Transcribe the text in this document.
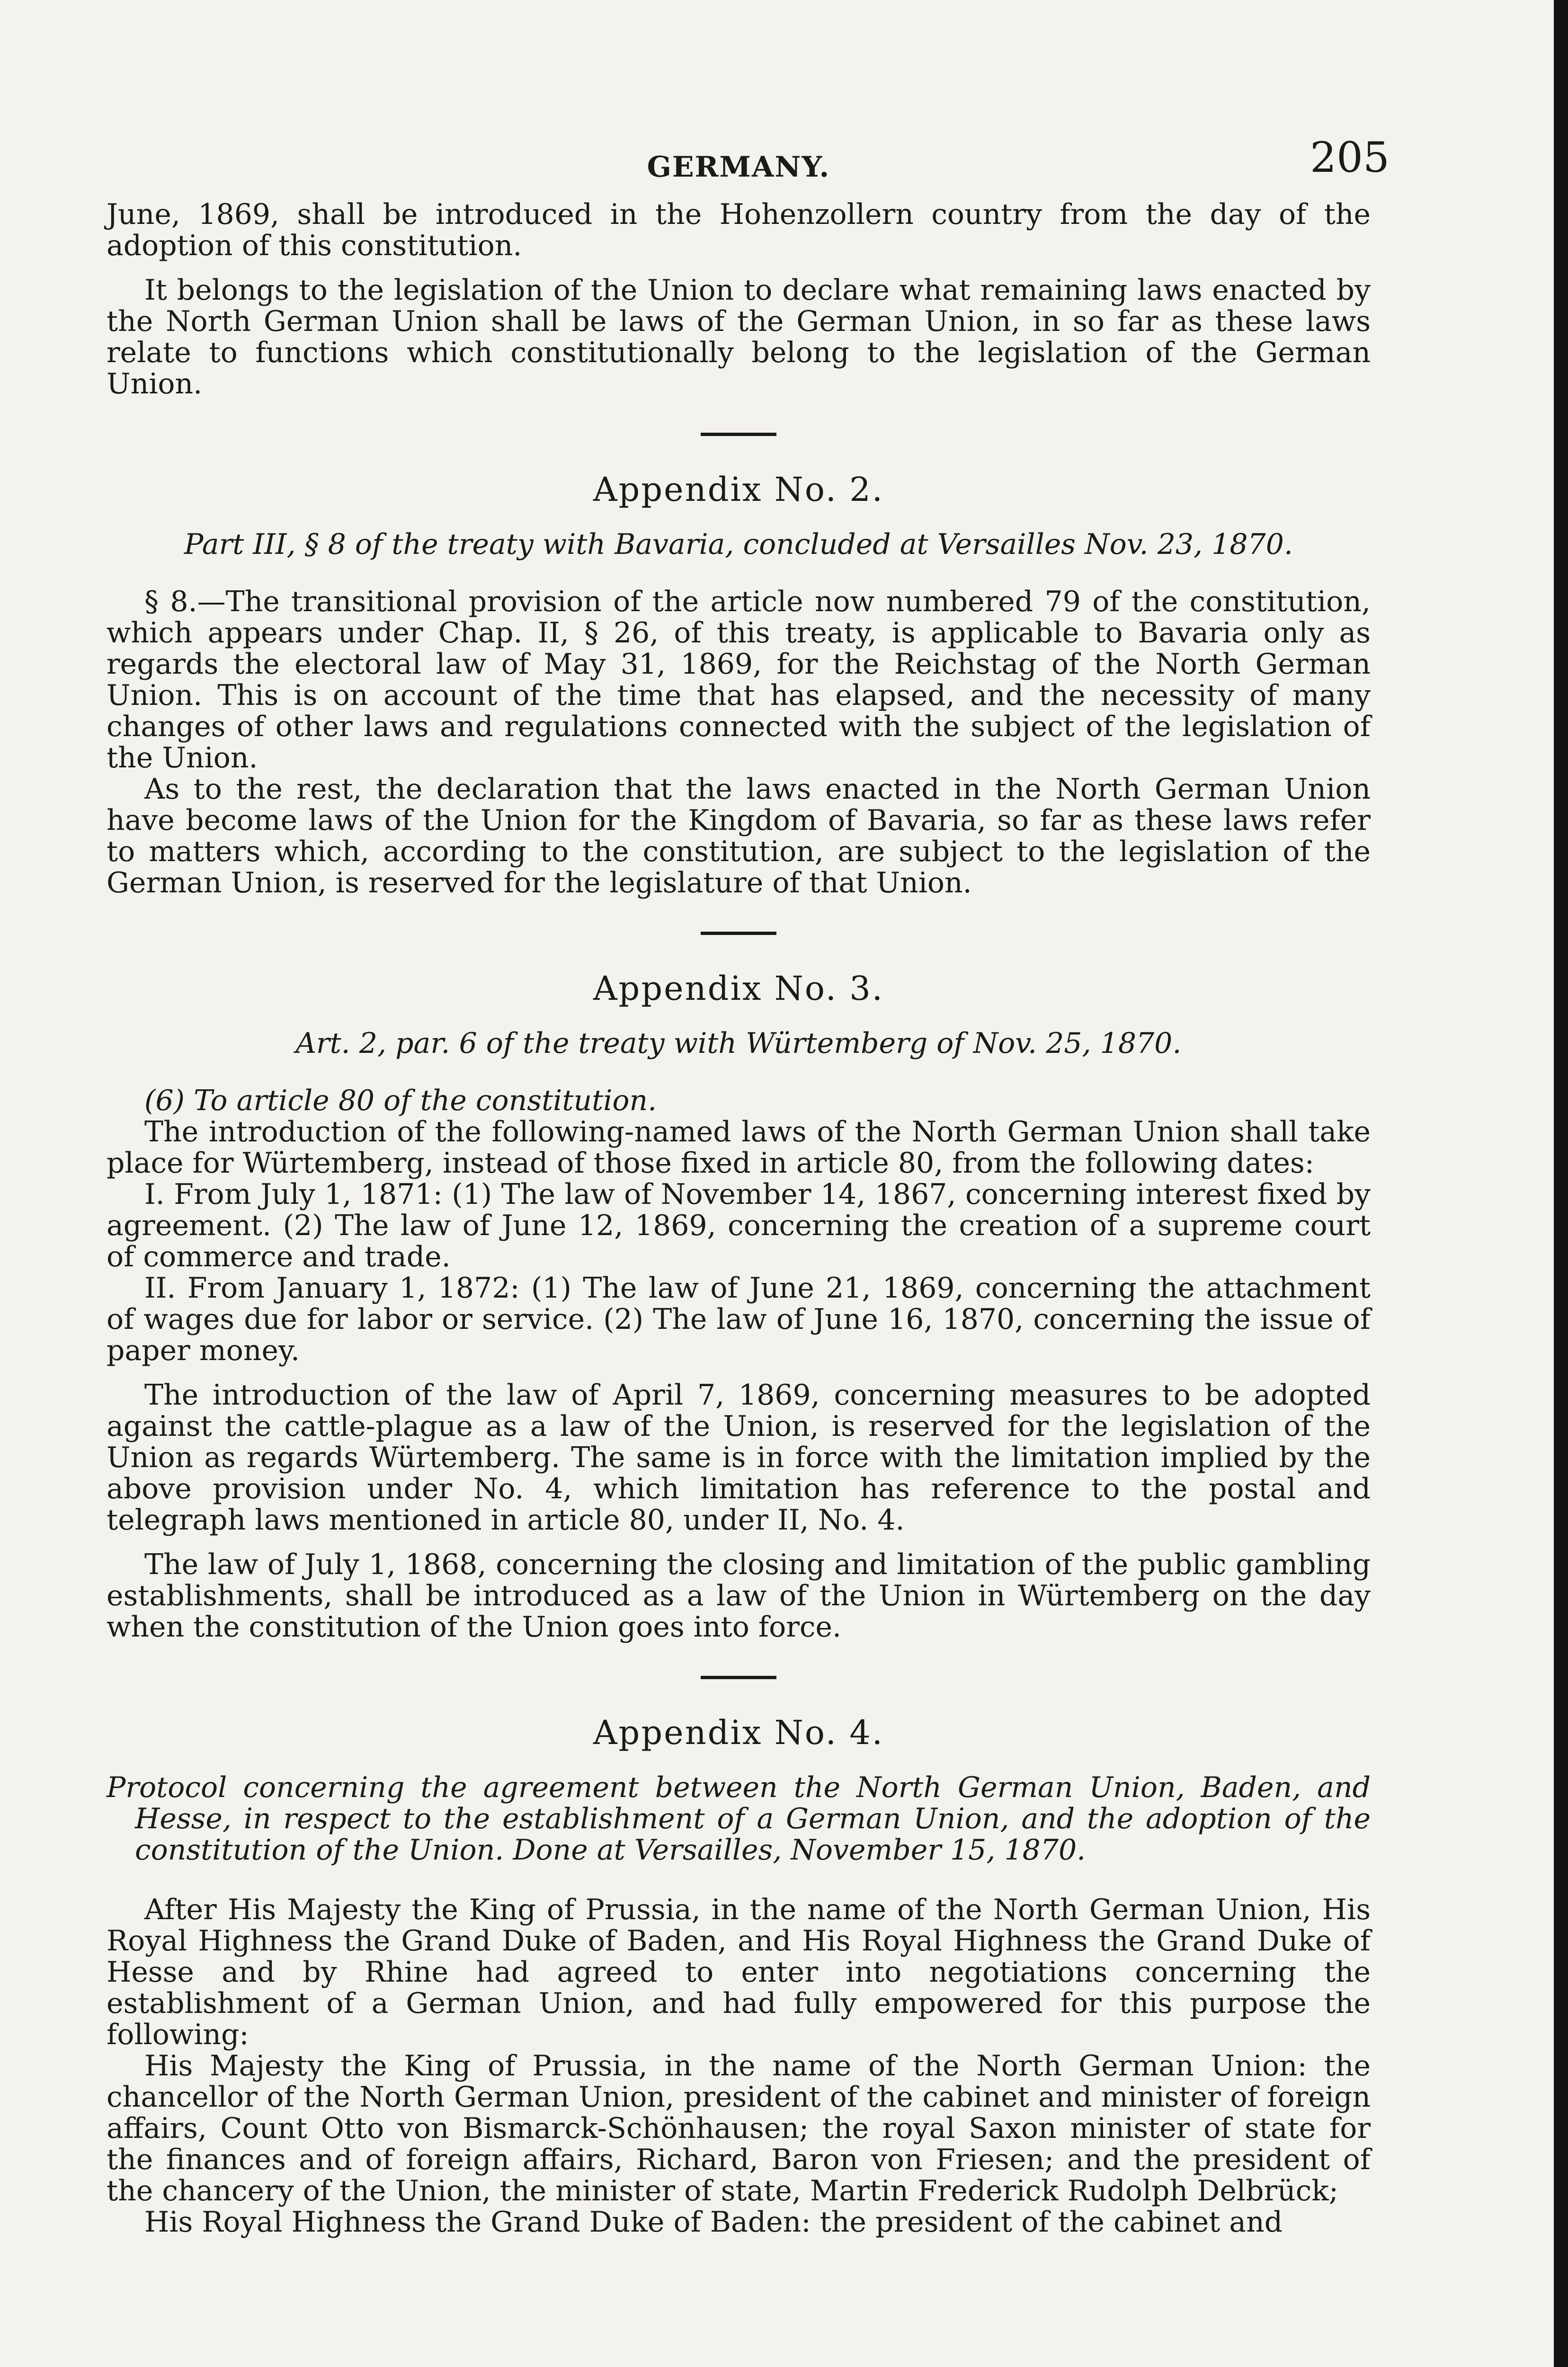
GERMANY.	205

June, 1869, shall be introduced in the Hohenzollern country from the day of the adoption of this constitution.

It belongs to the legislation of the Union to declare what remaining laws enacted by the North German Union shall be laws of the German Union, in so far as these laws relate to functions which constitutionally belong to the legislation of the German Union.

Appendix No. 2.
Part III, § 8 of the treaty with Bavaria, concluded at Versailles Nov. 23, 1870.

§ 8.—The transitional provision of the article now numbered 79 of the constitution, which appears under Chap. II, § 26, of this treaty, is applicable to Bavaria only as regards the electoral law of May 31, 1869, for the Reichstag of the North German Union. This is on account of the time that has elapsed, and the necessity of many changes of other laws and regulations connected with the subject of the legislation of the Union.

As to the rest, the declaration that the laws enacted in the North German Union have become laws of the Union for the Kingdom of Bavaria, so far as these laws refer to matters which, according to the constitution, are subject to the legislation of the German Union, is reserved for the legislature of that Union.

Appendix No. 3.
Art. 2, par. 6 of the treaty with Würtemberg of Nov. 25, 1870.

(6) To article 80 of the constitution.

The introduction of the following-named laws of the North German Union shall take place for Würtemberg, instead of those fixed in article 80, from the following dates:

I. From July 1, 1871: (1) The law of November 14, 1867, concerning interest fixed by agreement. (2) The law of June 12, 1869, concerning the creation of a supreme court of commerce and trade.

II. From January 1, 1872: (1) The law of June 21, 1869, concerning the attachment of wages due for labor or service. (2) The law of June 16, 1870, concerning the issue of paper money.

The introduction of the law of April 7, 1869, concerning measures to be adopted against the cattle-plague as a law of the Union, is reserved for the legislation of the Union as regards Würtemberg. The same is in force with the limitation implied by the above provision under No. 4, which limitation has reference to the postal and telegraph laws mentioned in article 80, under II, No. 4.

The law of July 1, 1868, concerning the closing and limitation of the public gambling establishments, shall be introduced as a law of the Union in Würtemberg on the day when the constitution of the Union goes into force.

Appendix No. 4.
Protocol concerning the agreement between the North German Union, Baden, and Hesse, in respect to the establishment of a German Union, and the adoption of the constitution of the Union. Done at Versailles, November 15, 1870.

After His Majesty the King of Prussia, in the name of the North German Union, His Royal Highness the Grand Duke of Baden, and His Royal Highness the Grand Duke of Hesse and by Rhine had agreed to enter into negotiations concerning the establishment of a German Union, and had fully empowered for this purpose the following:

His Majesty the King of Prussia, in the name of the North German Union: the chancellor of the North German Union, president of the cabinet and minister of foreign affairs, Count Otto von Bismarck-Schönhausen; the royal Saxon minister of state for the finances and of foreign affairs, Richard, Baron von Friesen; and the president of the chancery of the Union, the minister of state, Martin Frederick Rudolph Delbrück;

His Royal Highness the Grand Duke of Baden: the president of the cabinet and
